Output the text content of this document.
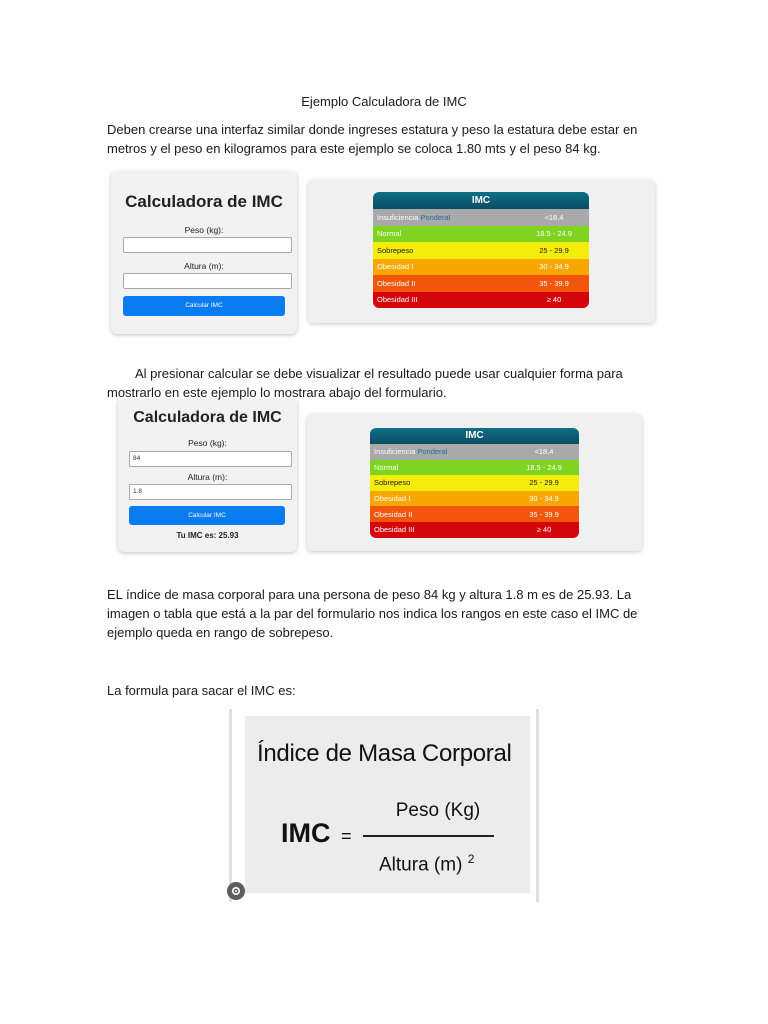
Ejemplo Calculadora de IMC
Deben crearse una interfaz similar donde ingreses estatura y peso la estatura debe estar en metros y el peso en kilogramos para este ejemplo se coloca 1.80 mts y el peso 84 kg.
Calculadora de IMC
Peso (kg):
Altura (m):
Calcular IMC
IMC
Insuficiencia Ponderal	<18,4
Normal	18.5 - 24.9
Sobrepeso	25 - 29.9
Obesidad I	30 - 34.9
Obesidad II	35 - 39.9
Obesidad III	≥ 40
Al presionar calcular se debe visualizar el resultado puede usar cualquier forma para mostrarlo en este ejemplo lo mostrara abajo del formulario.
Calculadora de IMC
Peso (kg):
84
Altura (m):
1.8
Calcular IMC
Tu IMC es: 25.93
IMC
Insuficiencia Ponderal	<18,4
Normal	18.5 - 24.9
Sobrepeso	25 - 29.9
Obesidad I	30 - 34.9
Obesidad II	35 - 39.9
Obesidad III	≥ 40
EL índice de masa corporal para una persona de peso 84 kg y altura 1.8 m es de 25.93. La imagen o tabla que está a la par del formulario nos indica los rangos en este caso el IMC de ejemplo queda en rango de sobrepeso.
La formula para sacar el IMC es:
Índice de Masa Corporal
IMC =
Peso (Kg)
Altura (m) $^2$
